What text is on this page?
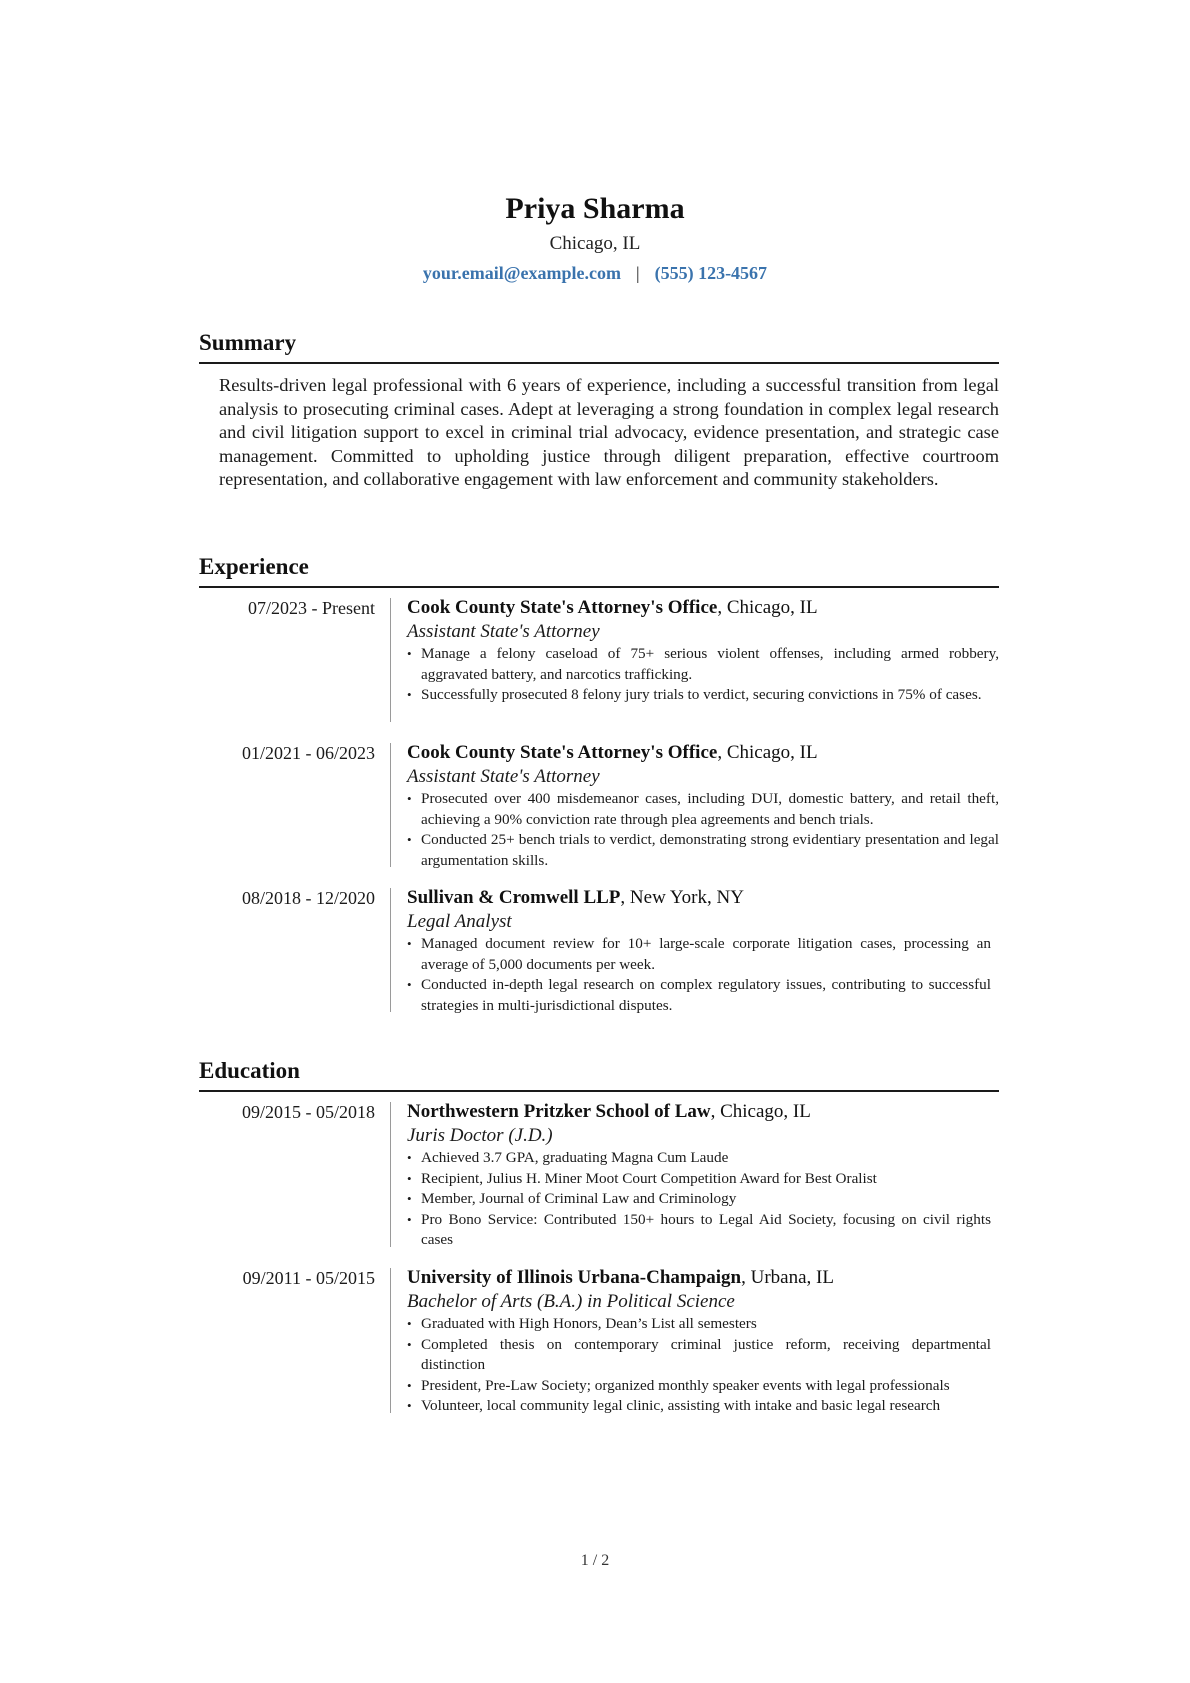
Priya Sharma
Chicago, IL
your.email@example.com | (555) 123-4567
Summary
Results-driven legal professional with 6 years of experience, including a successful transition from legal analysis to prosecuting criminal cases. Adept at leveraging a strong foundation in complex legal research and civil litigation support to excel in criminal trial advocacy, evidence presentation, and strategic case management. Committed to upholding justice through diligent preparation, effective courtroom representation, and collaborative engagement with law enforcement and community stakeholders.
Experience
07/2023 - Present Cook County State's Attorney's Office, Chicago, IL
Assistant State's Attorney
• Manage a felony caseload of 75+ serious violent offenses, including armed robbery, aggravated battery, and narcotics trafficking.
• Successfully prosecuted 8 felony jury trials to verdict, securing convictions in 75% of cases.
01/2021 - 06/2023 Cook County State's Attorney's Office, Chicago, IL
Assistant State's Attorney
• Prosecuted over 400 misdemeanor cases, including DUI, domestic battery, and retail theft, achieving a 90% conviction rate through plea agreements and bench trials.
• Conducted 25+ bench trials to verdict, demonstrating strong evidentiary presentation and legal argumentation skills.
08/2018 - 12/2020 Sullivan & Cromwell LLP, New York, NY
Legal Analyst
• Managed document review for 10+ large-scale corporate litigation cases, processing an average of 5,000 documents per week.
• Conducted in-depth legal research on complex regulatory issues, contributing to successful strategies in multi-jurisdictional disputes.
Education
09/2015 - 05/2018 Northwestern Pritzker School of Law, Chicago, IL
Juris Doctor (J.D.)
• Achieved 3.7 GPA, graduating Magna Cum Laude
• Recipient, Julius H. Miner Moot Court Competition Award for Best Oralist
• Member, Journal of Criminal Law and Criminology
• Pro Bono Service: Contributed 150+ hours to Legal Aid Society, focusing on civil rights cases
09/2011 - 05/2015 University of Illinois Urbana-Champaign, Urbana, IL
Bachelor of Arts (B.A.) in Political Science
• Graduated with High Honors, Dean’s List all semesters
• Completed thesis on contemporary criminal justice reform, receiving departmental distinction
• President, Pre-Law Society; organized monthly speaker events with legal professionals
• Volunteer, local community legal clinic, assisting with intake and basic legal research
1 / 2
